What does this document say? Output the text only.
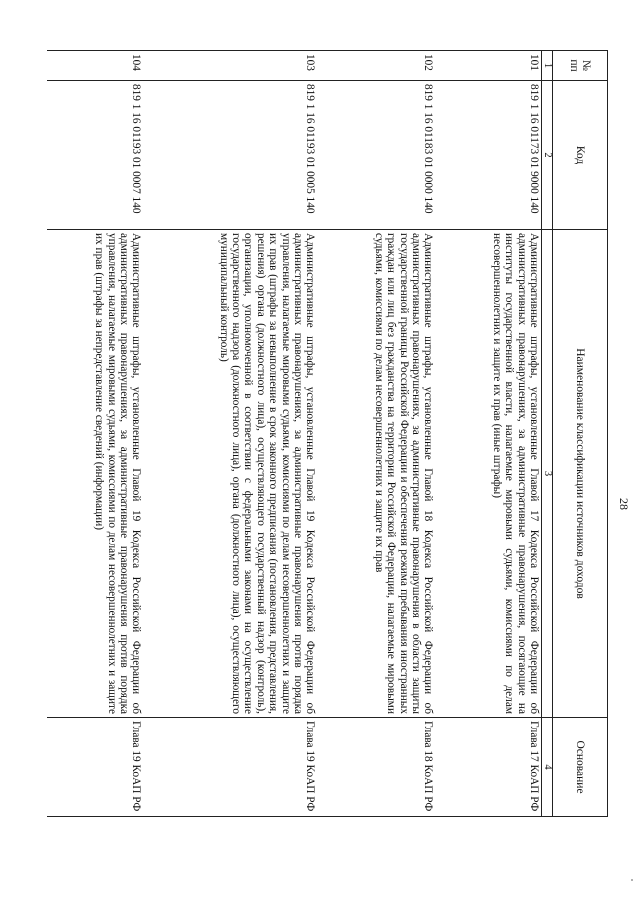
28
№
пп	Код	Наименование классификации источников доходов	Основание
1	2	3	4
101	819 1 16 01173 01 9000 140	Административные штрафы, установленные Главой 17 Кодекса Российской Федерации об административных правонарушениях, за административные правонарушения, посягающие на институты государственной власти, налагаемые мировыми судьями, комиссиями по делам несовершеннолетних и защите их прав (иные штрафы)	Глава 17 КоАП РФ
102	819 1 16 01183 01 0000 140	Административные штрафы, установленные Главой 18 Кодекса Российской Федерации об административных правонарушениях, за административные правонарушения в области защиты государственной границы Российской Федерации и обеспечения режима пребывания иностранных граждан или лиц без гражданства на территории Российской Федерации, налагаемые мировыми судьями, комиссиями по делам несовершеннолетних и защите их прав	Глава 18 КоАП РФ
103	819 1 16 01193 01 0005 140	Административные штрафы, установленные Главой 19 Кодекса Российской Федерации об административных правонарушениях, за административные правонарушения против порядка управления, налагаемые мировыми судьями, комиссиями по делам несовершеннолетних и защите их прав (штрафы за невыполнение в срок законного предписания (постановления, представления, решения) органа (должностного лица), осуществляющего государственный надзор (контроль), организации, уполномоченной в соответствии с федеральными законами на осуществление государственного надзора (должностного лица), органа (должностного лица), осуществляющего муниципальный контроль)	Глава 19 КоАП РФ
104	819 1 16 01193 01 0007 140	Административные штрафы, установленные Главой 19 Кодекса Российской Федерации об административных правонарушениях, за административные правонарушения против порядка управления, налагаемые мировыми судьями, комиссиями по делам несовершеннолетних и защите их прав (штрафы за непредставление сведений (информации)	Глава 19 КоАП РФ
